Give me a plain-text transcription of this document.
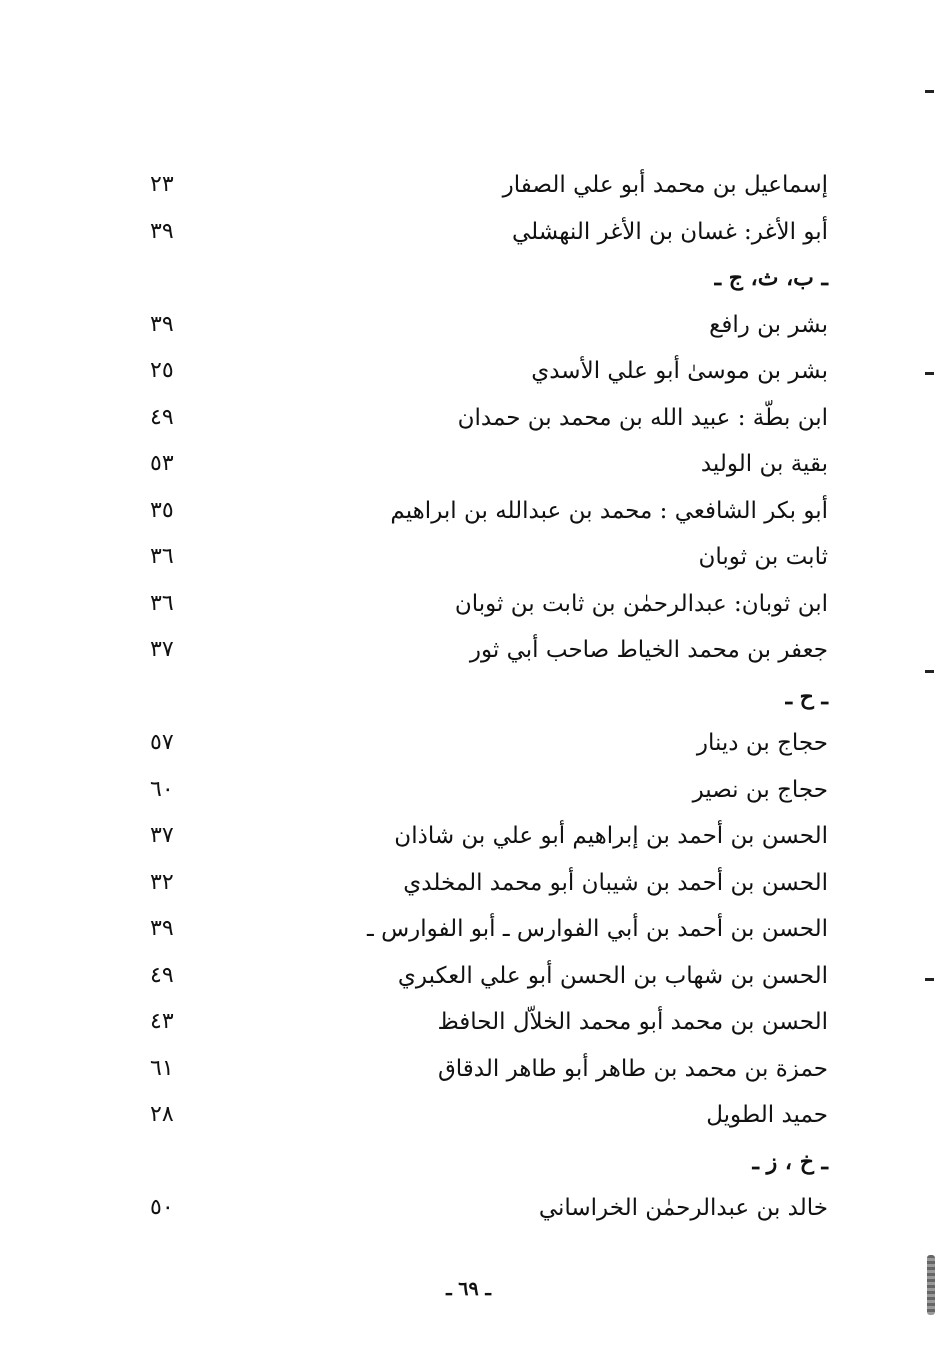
إسماعيل بن محمد أبو علي الصفار
٢٣
أبو الأغر: غسان بن الأغر النهشلي
٣٩
ـ ب، ث، ج ـ
بشر بن رافع
٣٩
بشر بن موسىٰ أبو علي الأسدي
٢٥
ابن بطّة : عبيد الله بن محمد بن حمدان
٤٩
بقية بن الوليد
٥٣
أبو بكر الشافعي : محمد بن عبدالله بن ابراهيم
٣٥
ثابت بن ثوبان
٣٦
ابن ثوبان: عبدالرحمٰن بن ثابت بن ثوبان
٣٦
جعفر بن محمد الخياط صاحب أبي ثور
٣٧
ـ ح ـ
حجاج بن دينار
٥٧
حجاج بن نصير
٦٠
الحسن بن أحمد بن إبراهيم أبو علي بن شاذان
٣٧
الحسن بن أحمد بن شيبان أبو محمد المخلدي
٣٢
الحسن بن أحمد بن أبي الفوارس ـ أبو الفوارس ـ
٣٩
الحسن بن شهاب بن الحسن أبو علي العكبري
٤٩
الحسن بن محمد أبو محمد الخلاّل الحافظ
٤٣
حمزة بن محمد بن طاهر أبو طاهر الدقاق
٦١
حميد الطويل
٢٨
ـ خ ، ز ـ
خالد بن عبدالرحمٰن الخراساني
٥٠
ـ ٦٩ ـ
